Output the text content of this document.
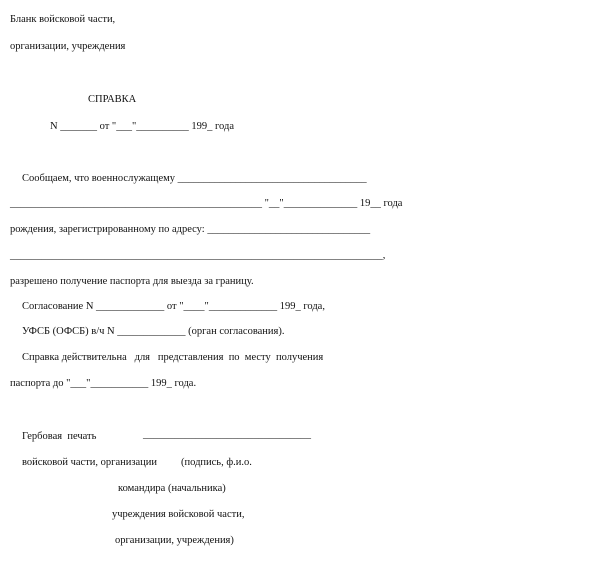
Бланк войсковой части,
организации, учреждения
СПРАВКА
N _______ от "___"__________ 199_ года
Сообщаем, что военнослужащему ____________________________________
________________________________________________ "__"______________ 19__ года
рождения, зарегистрированному по адресу: _______________________________
_______________________________________________________________________,
разрешено получение паспорта для выезда за границу.
Согласование N _____________ от "____"_____________ 199_ года,
УФСБ (ОФСБ) в/ч N _____________ (орган согласования).
Справка действительна   для   представления  по  месту  получения
паспорта до "___"___________ 199_ года.
Гербовая  печать	________________________________
войсковой части, организации (подпись, ф.и.о.
командира (начальника)
учреждения войсковой части,
организации, учреждения)
